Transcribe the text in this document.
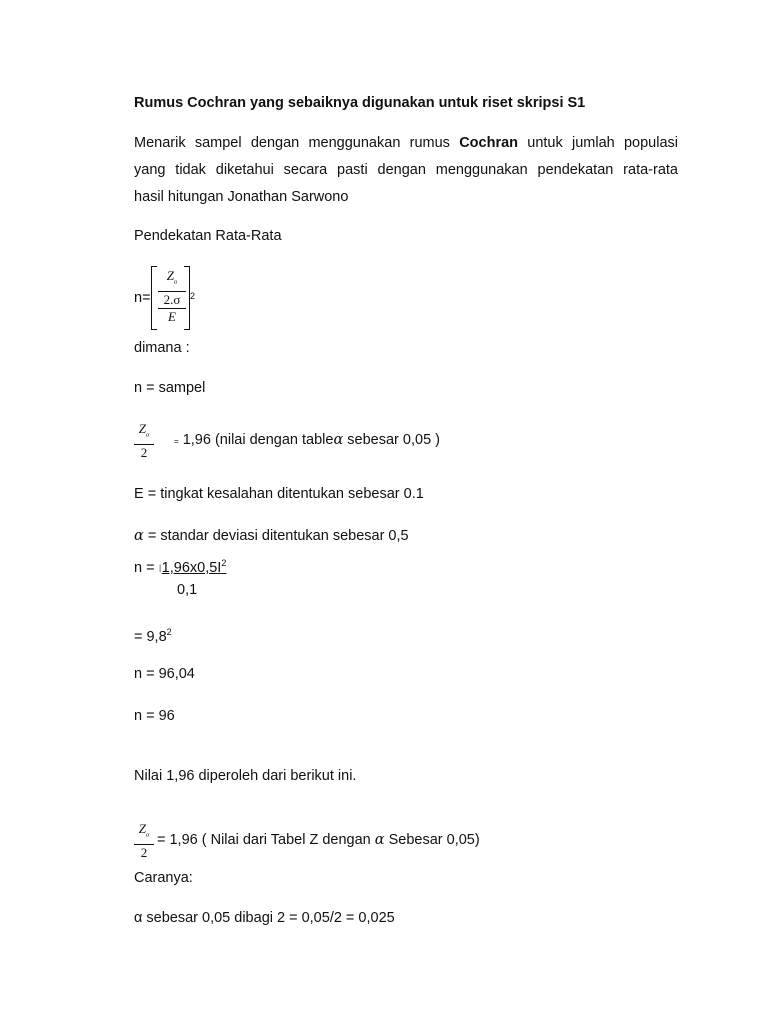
Rumus Cochran yang sebaiknya digunakan untuk riset skripsi S1
Menarik sampel dengan menggunakan rumus Cochran untuk jumlah populasi
yang tidak diketahui secara pasti dengan menggunakan pendekatan rata-rata
hasil hitungan Jonathan Sarwono
Pendekatan Rata-Rata
n=
$Z_\alpha$
2.σ
E
2
dimana :
n = sampel
$Z_\alpha$
2
= 1,96 (nilai dengan tableα sebesar 0,05 )
E = tingkat kesalahan ditentukan sebesar 0.1
α = standar deviasi ditentukan sebesar 0,5
$n = I1,96x0,5I^2$
0,1
= $9,8^2$
n = 96,04
n = 96
Nilai 1,96 diperoleh dari berikut ini.
$Z_\alpha$
2
= 1,96 ( Nilai dari Tabel Z dengan α Sebesar 0,05)
Caranya:
α sebesar 0,05 dibagi 2 = 0,05/2 = 0,025
